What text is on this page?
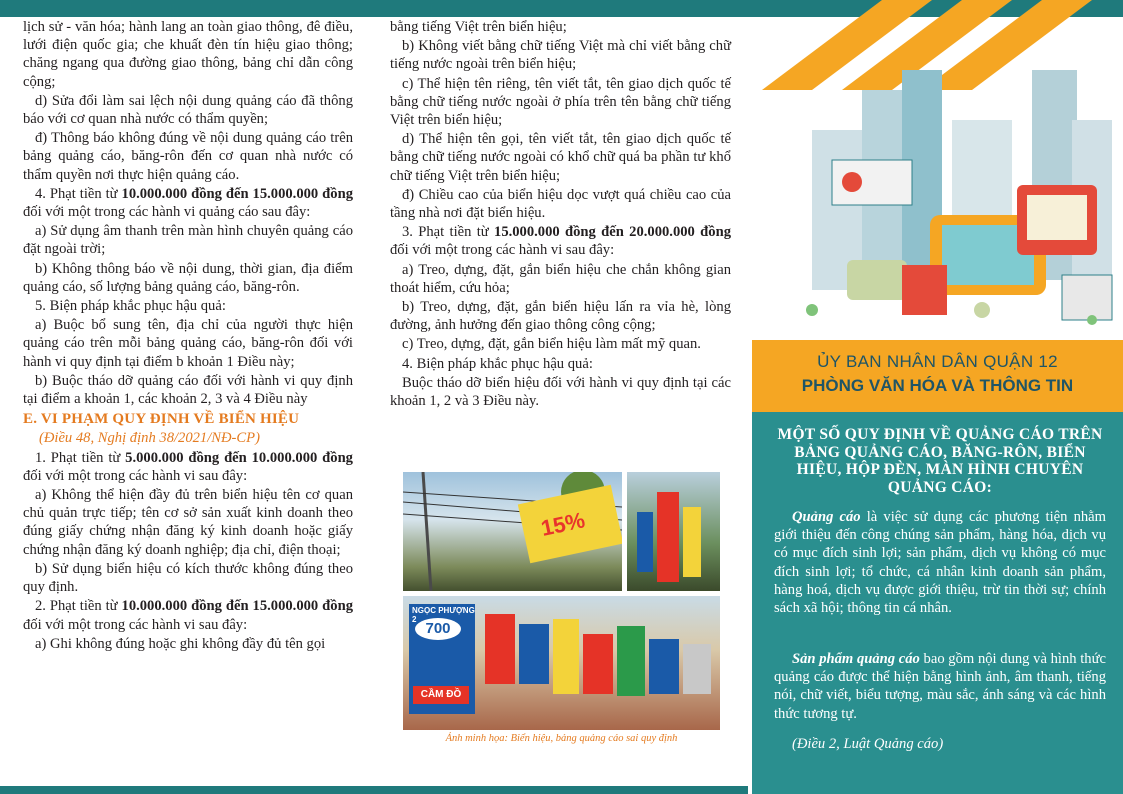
lịch sử - văn hóa; hành lang an toàn giao thông, đê điều, lưới điện quốc gia; che khuất đèn tín hiệu giao thông; chăng ngang qua đường giao thông, bảng chỉ dẫn công cộng;

d) Sửa đổi làm sai lệch nội dung quảng cáo đã thông báo với cơ quan nhà nước có thẩm quyền;

đ) Thông báo không đúng về nội dung quảng cáo trên bảng quảng cáo, băng-rôn đến cơ quan nhà nước có thẩm quyền nơi thực hiện quảng cáo.

4. Phạt tiền từ 10.000.000 đồng đến 15.000.000 đồng đối với một trong các hành vi quảng cáo sau đây:

a) Sử dụng âm thanh trên màn hình chuyên quảng cáo đặt ngoài trời;

b) Không thông báo về nội dung, thời gian, địa điểm quảng cáo, số lượng bảng quảng cáo, băng-rôn.

5. Biện pháp khắc phục hậu quả:

a) Buộc bổ sung tên, địa chỉ của người thực hiện quảng cáo trên mỗi bảng quảng cáo, băng-rôn đối với hành vi quy định tại điểm b khoản 1 Điều này;

b) Buộc tháo dỡ quảng cáo đối với hành vi quy định tại điểm a khoản 1, các khoản 2, 3 và 4 Điều này

E. VI PHẠM QUY ĐỊNH VỀ BIỂN HIỆU

(Điều 48, Nghị định 38/2021/NĐ-CP)

1. Phạt tiền từ 5.000.000 đồng đến 10.000.000 đồng đối với một trong các hành vi sau đây:

a) Không thể hiện đầy đủ trên biển hiệu tên cơ quan chủ quản trực tiếp; tên cơ sở sản xuất kinh doanh theo đúng giấy chứng nhận đăng ký kinh doanh hoặc giấy chứng nhận đăng ký doanh nghiệp; địa chỉ, điện thoại;

b) Sử dụng biển hiệu có kích thước không đúng theo quy định.

2. Phạt tiền từ 10.000.000 đồng đến 15.000.000 đồng đối với một trong các hành vi sau đây:

a) Ghi không đúng hoặc ghi không đầy đủ tên gọi

bằng tiếng Việt trên biển hiệu;

b) Không viết bằng chữ tiếng Việt mà chỉ viết bằng chữ tiếng nước ngoài trên biển hiệu;

c) Thể hiện tên riêng, tên viết tắt, tên giao dịch quốc tế bằng chữ tiếng nước ngoài ở phía trên tên bằng chữ tiếng Việt trên biển hiệu;

d) Thể hiện tên gọi, tên viết tắt, tên giao dịch quốc tế bằng chữ tiếng nước ngoài có khổ chữ quá ba phần tư khổ chữ tiếng Việt trên biển hiệu;

đ) Chiều cao của biển hiệu dọc vượt quá chiều cao của tầng nhà nơi đặt biển hiệu.

3. Phạt tiền từ 15.000.000 đồng đến 20.000.000 đồng đối với một trong các hành vi sau đây:

a) Treo, dựng, đặt, gắn biển hiệu che chắn không gian thoát hiểm, cứu hỏa;

b) Treo, dựng, đặt, gắn biển hiệu lấn ra vỉa hè, lòng đường, ảnh hưởng đến giao thông công cộng;

c) Treo, dựng, đặt, gắn biển hiệu làm mất mỹ quan.

4. Biện pháp khắc phục hậu quả:

Buộc tháo dỡ biển hiệu đối với hành vi quy định tại các khoản 1, 2 và 3 Điều này.

15%
NGỌC PHƯỢNG 2
700
CẦM ĐỒ
Ảnh minh họa: Biển hiệu, bảng quảng cáo sai quy định
ỦY BAN NHÂN DÂN QUẬN 12
PHÒNG VĂN HÓA VÀ THÔNG TIN
MỘT SỐ QUY ĐỊNH VỀ QUẢNG CÁO TRÊN BẢNG QUẢNG CÁO, BĂNG-RÔN, BIỂN HIỆU, HỘP ĐÈN, MÀN HÌNH CHUYÊN QUẢNG CÁO:
Quảng cáo là việc sử dụng các phương tiện nhằm giới thiệu đến công chúng sản phẩm, hàng hóa, dịch vụ có mục đích sinh lợi; sản phẩm, dịch vụ không có mục đích sinh lợi; tổ chức, cá nhân kinh doanh sản phẩm, hàng hoá, dịch vụ được giới thiệu, trừ tin thời sự; chính sách xã hội; thông tin cá nhân.
Sản phẩm quảng cáo bao gồm nội dung và hình thức quảng cáo được thể hiện bằng hình ảnh, âm thanh, tiếng nói, chữ viết, biểu tượng, màu sắc, ánh sáng và các hình thức tương tự.
(Điều 2, Luật Quảng cáo)
